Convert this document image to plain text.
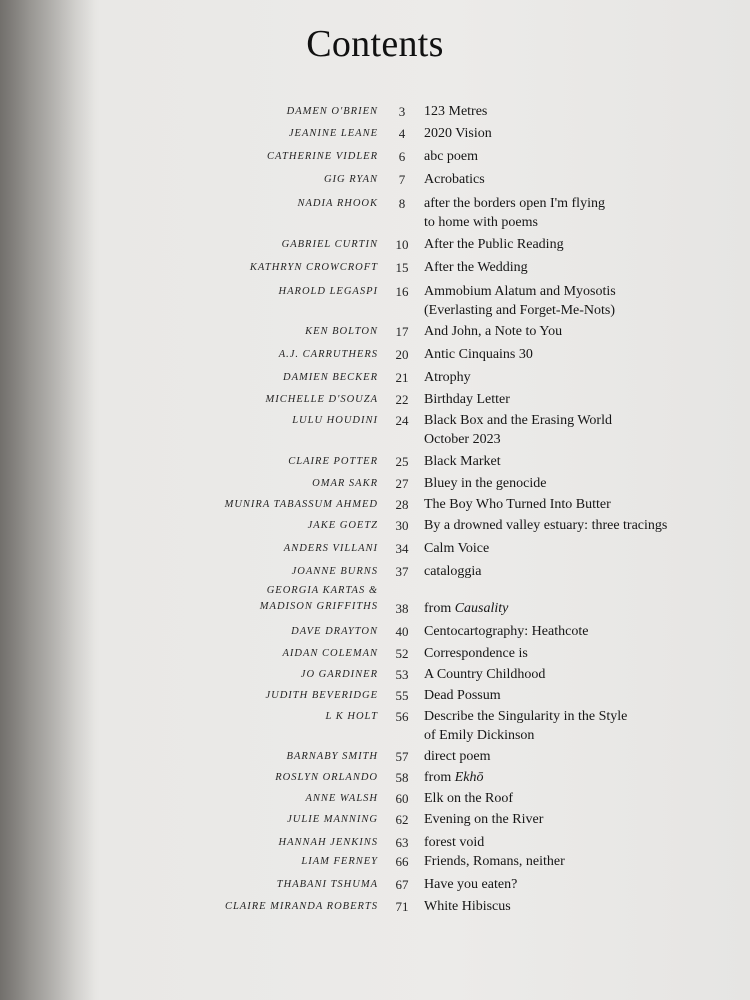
Contents
DAMEN O'BRIEN	3	123 Metres
JEANINE LEANE	4	2020 Vision
CATHERINE VIDLER	6	abc poem
GIG RYAN	7	Acrobatics
NADIA RHOOK	8	after the borders open I'm flying
to home with poems
GABRIEL CURTIN 10 After the Public Reading
KATHRYN CROWCROFT 15 After the Wedding
HAROLD LEGASPI 16 Ammobium Alatum and Myosotis
(Everlasting and Forget-Me-Nots)
KEN BOLTON 17 And John, a Note to You
A.J. CARRUTHERS 20 Antic Cinquains 30
DAMIEN BECKER 21 Atrophy
MICHELLE D'SOUZA 22 Birthday Letter
LULU HOUDINI 24 Black Box and the Erasing World
October 2023
CLAIRE POTTER 25 Black Market
OMAR SAKR 27 Bluey in the genocide
MUNIRA TABASSUM AHMED 28 The Boy Who Turned Into Butter
JAKE GOETZ 30 By a drowned valley estuary: three tracings
ANDERS VILLANI 34 Calm Voice
JOANNE BURNS 37 cataloggia
GEORGIA KARTAS &
MADISON GRIFFITHS 38 from Causality
DAVE DRAYTON 40 Centocartography: Heathcote
AIDAN COLEMAN 52 Correspondence is
JO GARDINER 53 A Country Childhood
JUDITH BEVERIDGE 55 Dead Possum
L K HOLT 56 Describe the Singularity in the Style
of Emily Dickinson
BARNABY SMITH 57 direct poem
ROSLYN ORLANDO 58 from Ekhō
ANNE WALSH 60 Elk on the Roof
JULIE MANNING 62 Evening on the River
HANNAH JENKINS 63 forest void
LIAM FERNEY 66 Friends, Romans, neither
THABANI TSHUMA 67 Have you eaten?
CLAIRE MIRANDA ROBERTS 71 White Hibiscus
